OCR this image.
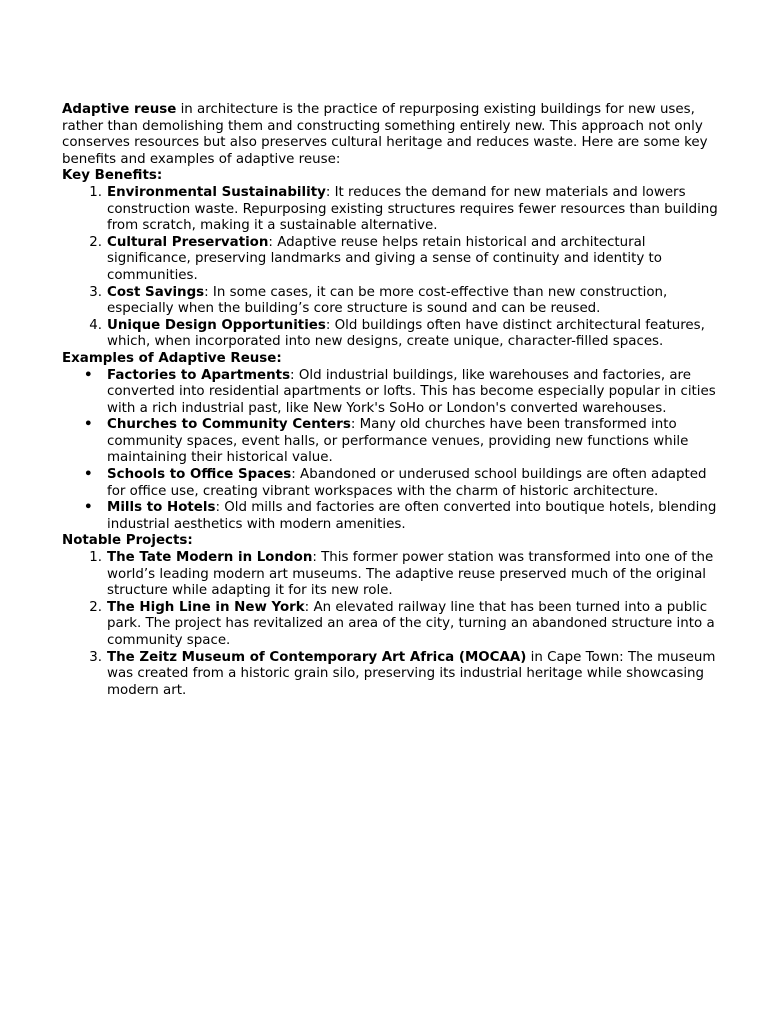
Adaptive reuse in architecture is the practice of repurposing existing buildings for new uses, rather than demolishing them and constructing something entirely new. This approach not only conserves resources but also preserves cultural heritage and reduces waste. Here are some key benefits and examples of adaptive reuse:

Key Benefits:
1. Environmental Sustainability: It reduces the demand for new materials and lowers construction waste. Repurposing existing structures requires fewer resources than building from scratch, making it a sustainable alternative.
2. Cultural Preservation: Adaptive reuse helps retain historical and architectural significance, preserving landmarks and giving a sense of continuity and identity to communities.
3. Cost Savings: In some cases, it can be more cost-effective than new construction, especially when the building’s core structure is sound and can be reused.
4. Unique Design Opportunities: Old buildings often have distinct architectural features, which, when incorporated into new designs, create unique, character-filled spaces.
Examples of Adaptive Reuse:
• Factories to Apartments: Old industrial buildings, like warehouses and factories, are converted into residential apartments or lofts. This has become especially popular in cities with a rich industrial past, like New York's SoHo or London's converted warehouses.
• Churches to Community Centers: Many old churches have been transformed into community spaces, event halls, or performance venues, providing new functions while maintaining their historical value.
• Schools to Office Spaces: Abandoned or underused school buildings are often adapted for office use, creating vibrant workspaces with the charm of historic architecture.
• Mills to Hotels: Old mills and factories are often converted into boutique hotels, blending industrial aesthetics with modern amenities.
Notable Projects:
1. The Tate Modern in London: This former power station was transformed into one of the world’s leading modern art museums. The adaptive reuse preserved much of the original structure while adapting it for its new role.
2. The High Line in New York: An elevated railway line that has been turned into a public park. The project has revitalized an area of the city, turning an abandoned structure into a community space.
3. The Zeitz Museum of Contemporary Art Africa (MOCAA) in Cape Town: The museum was created from a historic grain silo, preserving its industrial heritage while showcasing modern art.
